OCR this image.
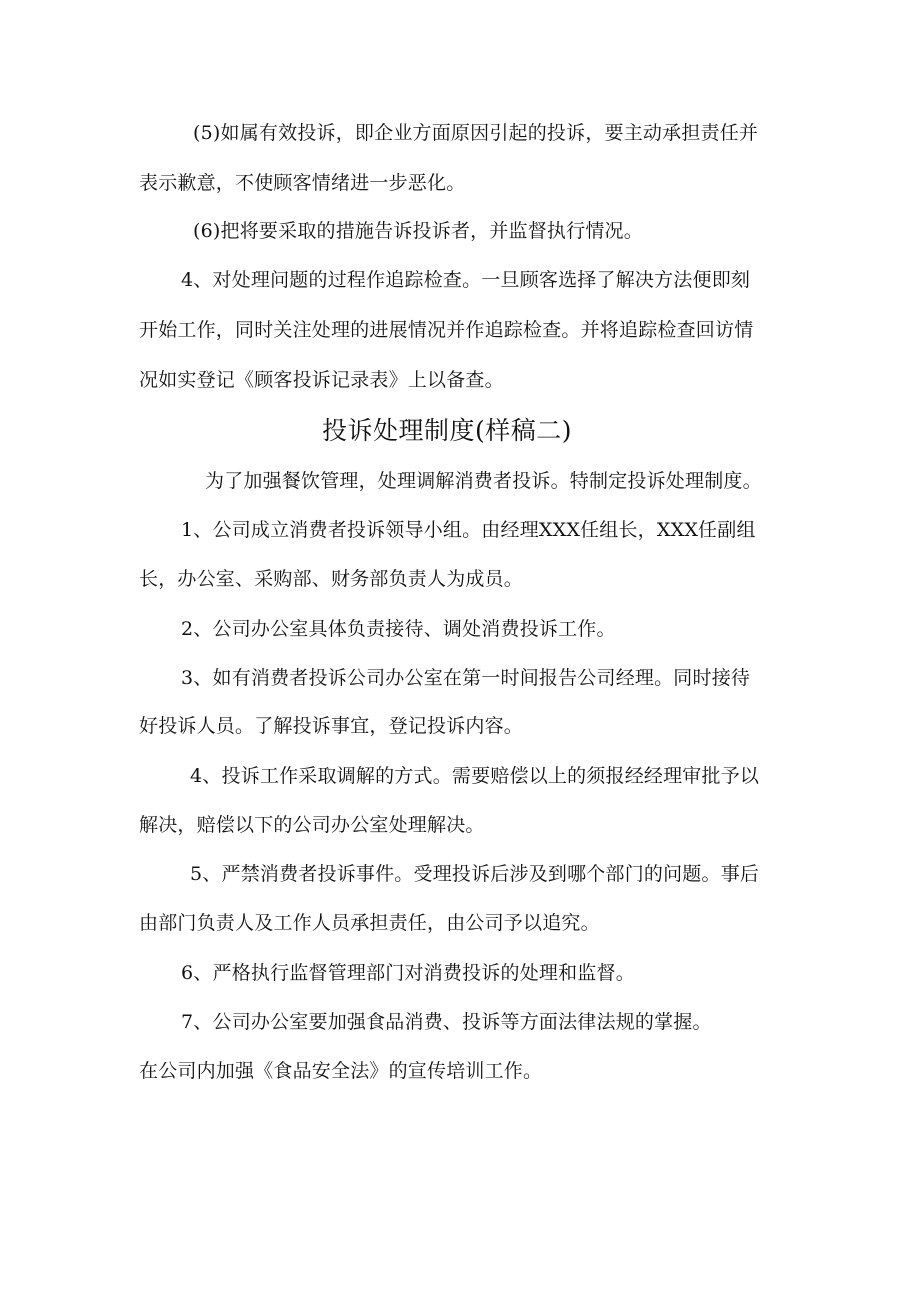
(5)如属有效投诉，即企业方面原因引起的投诉，要主动承担责任并
表示歉意，不使顾客情绪进一步恶化。
(6)把将要采取的措施告诉投诉者，并监督执行情况。
4、对处理问题的过程作追踪检查。一旦顾客选择了解决方法便即刻
开始工作，同时关注处理的进展情况并作追踪检查。并将追踪检查回访情
况如实登记《顾客投诉记录表》上以备查。
投诉处理制度(样稿二)
为了加强餐饮管理，处理调解消费者投诉。特制定投诉处理制度。
1、公司成立消费者投诉领导小组。由经理XXX任组长，XXX任副组
长，办公室、采购部、财务部负责人为成员。
2、公司办公室具体负责接待、调处消费投诉工作。
3、如有消费者投诉公司办公室在第一时间报告公司经理。同时接待
好投诉人员。了解投诉事宜，登记投诉内容。
4、投诉工作采取调解的方式。需要赔偿以上的须报经经理审批予以
解决，赔偿以下的公司办公室处理解决。
5、严禁消费者投诉事件。受理投诉后涉及到哪个部门的问题。事后
由部门负责人及工作人员承担责任，由公司予以追究。
6、严格执行监督管理部门对消费投诉的处理和监督。
7、公司办公室要加强食品消费、投诉等方面法律法规的掌握。
在公司内加强《食品安全法》的宣传培训工作。
